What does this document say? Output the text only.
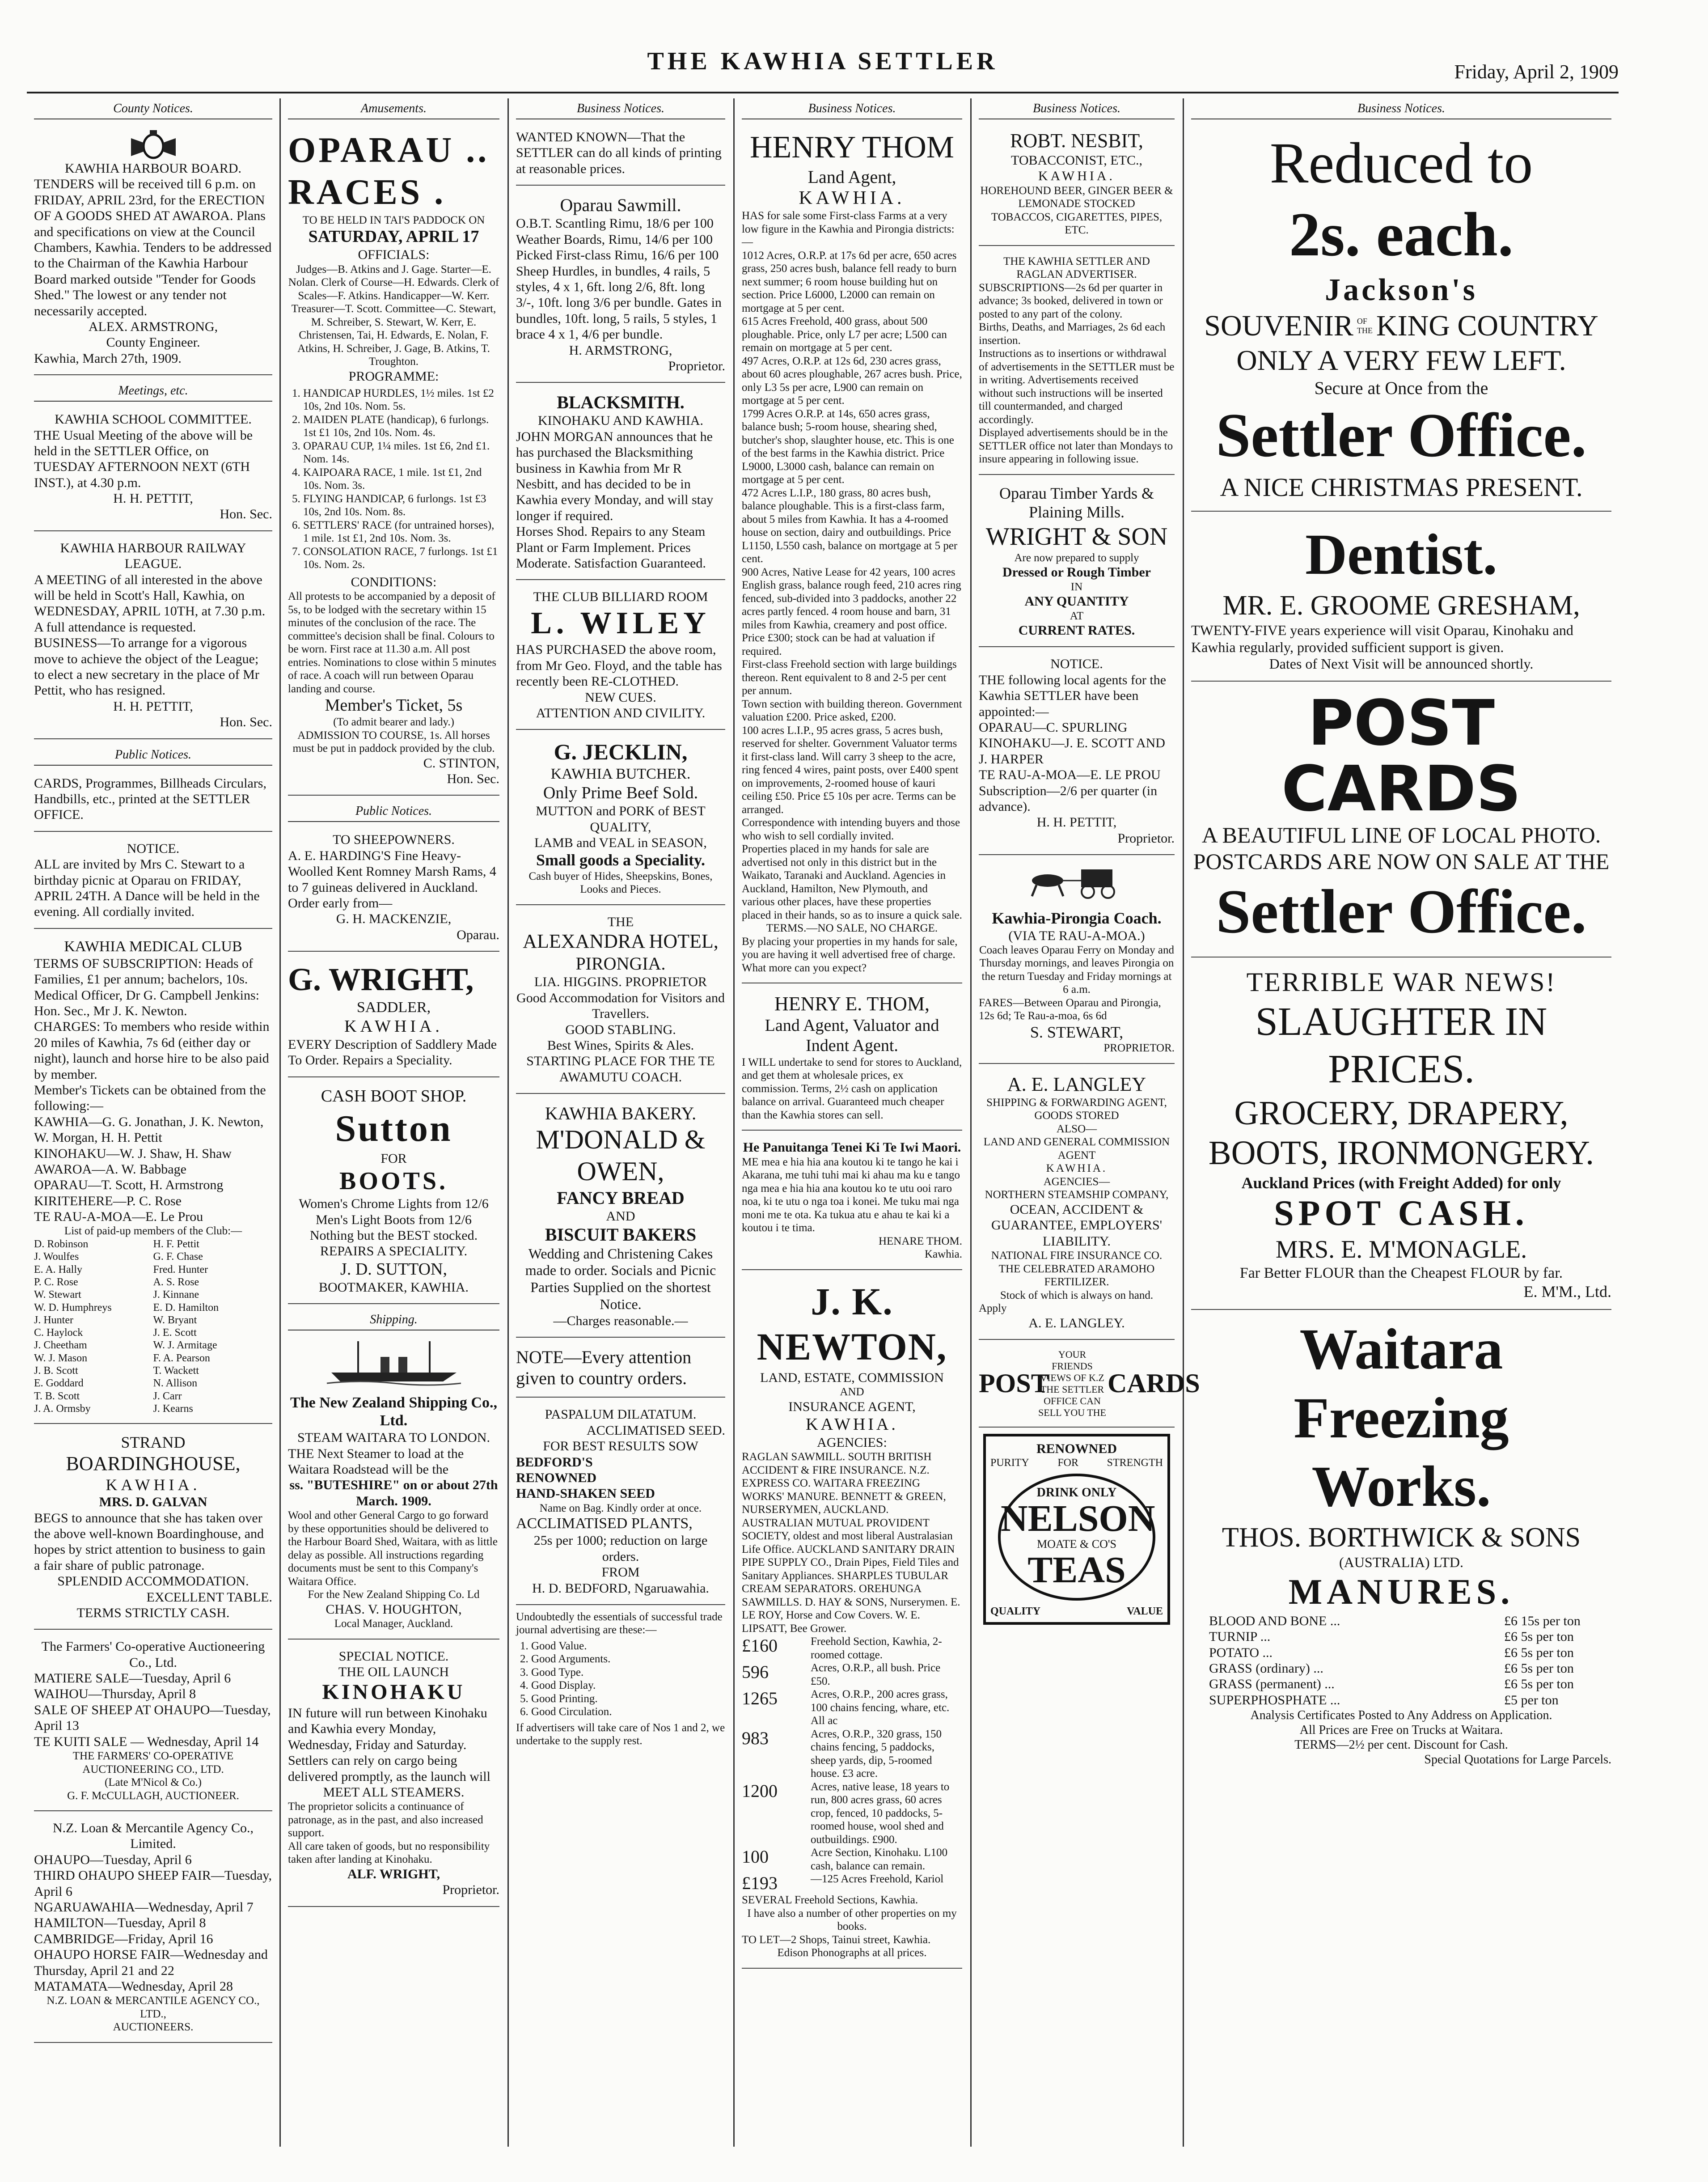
THE KAWHIA SETTLER	Friday, April 2, 1909
County Notices.
KAWHIA HARBOUR BOARD.
TENDERS will be received till 6 p.m. on FRIDAY, APRIL 23rd, for the ERECTION OF A GOODS SHED AT AWAROA. Plans and specifications on view at the Council Chambers, Kawhia. Tenders to be addressed to the Chairman of the Kawhia Harbour Board marked outside "Tender for Goods Shed." The lowest or any tender not necessarily accepted.
ALEX. ARMSTRONG,
County Engineer.
Kawhia, March 27th, 1909.
Meetings, etc.
KAWHIA SCHOOL COMMITTEE.
THE Usual Meeting of the above will be held in the SETTLER Office, on TUESDAY AFTERNOON NEXT (6TH INST.), at 4.30 p.m.
H. H. PETTIT,
Hon. Sec.
KAWHIA HARBOUR RAILWAY LEAGUE.
A MEETING of all interested in the above will be held in Scott's Hall, Kawhia, on WEDNESDAY, APRIL 10TH, at 7.30 p.m. A full attendance is requested.
BUSINESS—To arrange for a vigorous move to achieve the object of the League; to elect a new secretary in the place of Mr Pettit, who has resigned.
H. H. PETTIT,
Hon. Sec.
Public Notices.
CARDS, Programmes, Billheads Circulars, Handbills, etc., printed at the SETTLER OFFICE.
NOTICE.
ALL are invited by Mrs C. Stewart to a birthday picnic at Oparau on FRIDAY, APRIL 24TH. A Dance will be held in the evening. All cordially invited.
KAWHIA MEDICAL CLUB
TERMS OF SUBSCRIPTION: Heads of Families, £1 per annum; bachelors, 10s.
Medical Officer, Dr G. Campbell Jenkins: Hon. Sec., Mr J. K. Newton.
CHARGES: To members who reside within 20 miles of Kawhia, 7s 6d (either day or night), launch and horse hire to be also paid by member.
Member's Tickets can be obtained from the following:—
KAWHIA—G. G. Jonathan, J. K. Newton, W. Morgan, H. H. Pettit
KINOHAKU—W. J. Shaw, H. Shaw
AWAROA—A. W. Babbage
OPARAU—T. Scott, H. Armstrong
KIRITEHERE—P. C. Rose
TE RAU-A-MOA—E. Le Prou
List of paid-up members of the Club:—
D. Robinson	H. F. Pettit
J. Woulfes	G. F. Chase
E. A. Hally	Fred. Hunter
P. C. Rose	A. S. Rose
W. Stewart	J. Kinnane
W. D. Humphreys	E. D. Hamilton
J. Hunter	W. Bryant
C. Haylock	J. E. Scott
J. Cheetham	W. J. Armitage
W. J. Mason	F. A. Pearson
J. B. Scott	T. Wackett
E. Goddard	N. Allison
T. B. Scott	J. Carr
J. A. Ormsby	J. Kearns
STRAND
BOARDINGHOUSE,
KAWHIA.
MRS. D. GALVAN
BEGS to announce that she has taken over the above well-known Boardinghouse, and hopes by strict attention to business to gain a fair share of public patronage.
SPLENDID ACCOMMODATION.
EXCELLENT TABLE.
TERMS STRICTLY CASH.
The Farmers' Co-operative Auctioneering Co., Ltd.
MATIERE SALE—Tuesday, April 6
WAIHOU—Thursday, April 8
SALE OF SHEEP AT OHAUPO—Tuesday, April 13
TE KUITI SALE — Wednesday, April 14
THE FARMERS' CO-OPERATIVE AUCTIONEERING CO., LTD.
(Late M'Nicol & Co.)
G. F. McCULLAGH, AUCTIONEER.
N.Z. Loan & Mercantile Agency Co., Limited.
OHAUPO—Tuesday, April 6
THIRD OHAUPO SHEEP FAIR—Tuesday, April 6
NGARUAWAHIA—Wednesday, April 7
HAMILTON—Tuesday, April 8
CAMBRIDGE—Friday, April 16
OHAUPO HORSE FAIR—Wednesday and Thursday, April 21 and 22
MATAMATA—Wednesday, April 28
N.Z. LOAN & MERCANTILE AGENCY CO., LTD.,
AUCTIONEERS.
Amusements.
OPARAU ..
RACES .
TO BE HELD IN TAI'S PADDOCK ON
SATURDAY, APRIL 17
OFFICIALS:
Judges—B. Atkins and J. Gage. Starter—E. Nolan. Clerk of Course—H. Edwards. Clerk of Scales—F. Atkins. Handicapper—W. Kerr. Treasurer—T. Scott. Committee—C. Stewart, M. Schreiber, S. Stewart, W. Kerr, E. Christensen, Tai, H. Edwards, E. Nolan, F. Atkins, H. Schreiber, J. Gage, B. Atkins, T. Troughton.
PROGRAMME:
1. HANDICAP HURDLES, 1½ miles. 1st £2 10s, 2nd 10s. Nom. 5s.
2. MAIDEN PLATE (handicap), 6 furlongs. 1st £1 10s, 2nd 10s. Nom. 4s.
3. OPARAU CUP, 1¼ miles. 1st £6, 2nd £1. Nom. 14s.
4. KAIPOARA RACE, 1 mile. 1st £1, 2nd 10s. Nom. 3s.
5. FLYING HANDICAP, 6 furlongs. 1st £3 10s, 2nd 10s. Nom. 8s.
6. SETTLERS' RACE (for untrained horses), 1 mile. 1st £1, 2nd 10s. Nom. 3s.
7. CONSOLATION RACE, 7 furlongs. 1st £1 10s. Nom. 2s.
CONDITIONS:
All protests to be accompanied by a deposit of 5s, to be lodged with the secretary within 15 minutes of the conclusion of the race. The committee's decision shall be final. Colours to be worn. First race at 11.30 a.m. All post entries. Nominations to close within 5 minutes of race. A coach will run between Oparau landing and course.
Member's Ticket, 5s
(To admit bearer and lady.)
ADMISSION TO COURSE, 1s. All horses must be put in paddock provided by the club.
C. STINTON,
Hon. Sec.
Public Notices.
TO SHEEPOWNERS.
A. E. HARDING'S Fine Heavy-Woolled Kent Romney Marsh Rams, 4 to 7 guineas delivered in Auckland. Order early from—
G. H. MACKENZIE,
Oparau.
G. WRIGHT,
SADDLER,
KAWHIA.
EVERY Description of Saddlery Made To Order. Repairs a Speciality.
CASH BOOT SHOP.
Sutton
FOR
BOOTS.
Women's Chrome Lights from 12/6
Men's Light Boots from 12/6
Nothing but the BEST stocked.
REPAIRS A SPECIALITY.
J. D. SUTTON,
BOOTMAKER, KAWHIA.
Shipping.
The New Zealand Shipping Co., Ltd.
STEAM WAITARA TO LONDON.
THE Next Steamer to load at the Waitara Roadstead will be the
ss. "BUTESHIRE" on or about 27th March. 1909.
Wool and other General Cargo to go forward by these opportunities should be delivered to the Harbour Board Shed, Waitara, with as little delay as possible. All instructions regarding documents must be sent to this Company's Waitara Office.
For the New Zealand Shipping Co. Ld
CHAS. V. HOUGHTON,
Local Manager, Auckland.
SPECIAL NOTICE.
THE OIL LAUNCH
KINOHAKU
IN future will run between Kinohaku and Kawhia every Monday, Wednesday, Friday and Saturday. Settlers can rely on cargo being delivered promptly, as the launch will
MEET ALL STEAMERS.
The proprietor solicits a continuance of patronage, as in the past, and also increased support.
All care taken of goods, but no responsibility taken after landing at Kinohaku.
ALF. WRIGHT,
Proprietor.
Business Notices.
WANTED KNOWN—That the SETTLER can do all kinds of printing at reasonable prices.
Oparau Sawmill.
O.B.T. Scantling Rimu, 18/6 per 100 Weather Boards, Rimu, 14/6 per 100 Picked First-class Rimu, 16/6 per 100 Sheep Hurdles, in bundles, 4 rails, 5 styles, 4 x 1, 6ft. long 2/6, 8ft. long 3/-, 10ft. long 3/6 per bundle. Gates in bundles, 10ft. long, 5 rails, 5 styles, 1 brace 4 x 1, 4/6 per bundle.
H. ARMSTRONG,
Proprietor.
BLACKSMITH.
KINOHAKU AND KAWHIA.
JOHN MORGAN announces that he has purchased the Blacksmithing business in Kawhia from Mr R Nesbitt, and has decided to be in Kawhia every Monday, and will stay longer if required.
Horses Shod. Repairs to any Steam Plant or Farm Implement. Prices Moderate. Satisfaction Guaranteed.
THE CLUB BILLIARD ROOM
L. WILEY
HAS PURCHASED the above room, from Mr Geo. Floyd, and the table has recently been RE-CLOTHED.
NEW CUES.
ATTENTION AND CIVILITY.
G. JECKLIN,
KAWHIA BUTCHER.
Only Prime Beef Sold.
MUTTON and PORK of BEST QUALITY,
LAMB and VEAL in SEASON,
Small goods a Speciality.
Cash buyer of Hides, Sheepskins, Bones, Looks and Pieces.
THE
ALEXANDRA HOTEL,
PIRONGIA.
LIA. HIGGINS. PROPRIETOR
Good Accommodation for Visitors and Travellers.
GOOD STABLING.
Best Wines, Spirits & Ales.
STARTING PLACE FOR THE TE AWAMUTU COACH.
KAWHIA BAKERY.
M'DONALD & OWEN,
FANCY BREAD
AND
BISCUIT BAKERS
Wedding and Christening Cakes made to order. Socials and Picnic Parties Supplied on the shortest Notice.
—Charges reasonable.—
NOTE—Every attention given to country orders.
PASPALUM DILATATUM.
ACCLIMATISED SEED.
FOR BEST RESULTS SOW
BEDFORD'S
RENOWNED
HAND-SHAKEN SEED
Name on Bag. Kindly order at once.
ACCLIMATISED PLANTS,
25s per 1000; reduction on large orders.
FROM
H. D. BEDFORD, Ngaruawahia.
Undoubtedly the essentials of successful trade journal advertising are these:—
1. Good Value.
2. Good Arguments.
3. Good Type.
4. Good Display.
5. Good Printing.
6. Good Circulation.
If advertisers will take care of Nos 1 and 2, we undertake to the supply rest.
Business Notices.
HENRY THOM
Land Agent,
KAWHIA.
HAS for sale some First-class Farms at a very low figure in the Kawhia and Pirongia districts:—
1012 Acres, O.R.P. at 17s 6d per acre, 650 acres grass, 250 acres bush, balance fell ready to burn next summer; 6 room house building hut on section. Price L6000, L2000 can remain on mortgage at 5 per cent.
615 Acres Freehold, 400 grass, about 500 ploughable. Price, only L7 per acre; L500 can remain on mortgage at 5 per cent.
497 Acres, O.R.P. at 12s 6d, 230 acres grass, about 60 acres ploughable, 267 acres bush. Price, only L3 5s per acre, L900 can remain on mortgage at 5 per cent.
1799 Acres O.R.P. at 14s, 650 acres grass, balance bush; 5-room house, shearing shed, butcher's shop, slaughter house, etc. This is one of the best farms in the Kawhia district. Price L9000, L3000 cash, balance can remain on mortgage at 5 per cent.
472 Acres L.I.P., 180 grass, 80 acres bush, balance ploughable. This is a first-class farm, about 5 miles from Kawhia. It has a 4-roomed house on section, dairy and outbuildings. Price L1150, L550 cash, balance on mortgage at 5 per cent.
900 Acres, Native Lease for 42 years, 100 acres English grass, balance rough feed, 210 acres ring fenced, sub-divided into 3 paddocks, another 22 acres partly fenced. 4 room house and barn, 31 miles from Kawhia, creamery and post office. Price £300; stock can be had at valuation if required.
First-class Freehold section with large buildings thereon. Rent equivalent to 8 and 2-5 per cent per annum.
Town section with building thereon. Government valuation £200. Price asked, £200.
100 acres L.I.P., 95 acres grass, 5 acres bush, reserved for shelter. Government Valuator terms it first-class land. Will carry 3 sheep to the acre, ring fenced 4 wires, paint posts, over £400 spent on improvements, 2-roomed house of kauri ceiling £50. Price £5 10s per acre. Terms can be arranged.
Correspondence with intending buyers and those who wish to sell cordially invited.
Properties placed in my hands for sale are advertised not only in this district but in the Waikato, Taranaki and Auckland. Agencies in Auckland, Hamilton, New Plymouth, and various other places, have these properties placed in their hands, so as to insure a quick sale.
TERMS.—NO SALE, NO CHARGE.
By placing your properties in my hands for sale, you are having it well advertised free of charge. What more can you expect?
HENRY E. THOM,
Land Agent, Valuator and Indent Agent.
I WILL undertake to send for stores to Auckland, and get them at wholesale prices, ex commission. Terms, 2½ cash on application balance on arrival. Guaranteed much cheaper than the Kawhia stores can sell.
He Panuitanga Tenei Ki Te Iwi Maori.
ME mea e hia hia ana koutou ki te tango he kai i Akarana, me tuhi tuhi mai ki ahau ma ku e tango nga mea e hia hia ana koutou ko te utu ooi raro noa, ki te utu o nga toa i konei. Me tuku mai nga moni me te ota. Ka tukua atu e ahau te kai ki a koutou i te tima.
HENARE THOM.
Kawhia.
J. K. NEWTON,
LAND, ESTATE, COMMISSION
AND
INSURANCE AGENT,
KAWHIA.
AGENCIES:
RAGLAN SAWMILL. SOUTH BRITISH ACCIDENT & FIRE INSURANCE. N.Z. EXPRESS CO. WAITARA FREEZING WORKS' MANURE. BENNETT & GREEN, NURSERYMEN, AUCKLAND. AUSTRALIAN MUTUAL PROVIDENT SOCIETY, oldest and most liberal Australasian Life Office. AUCKLAND SANITARY DRAIN PIPE SUPPLY CO., Drain Pipes, Field Tiles and Sanitary Appliances. SHARPLES TUBULAR CREAM SEPARATORS. OREHUNGA SAWMILLS. D. HAY & SONS, Nurserymen. E. LE ROY, Horse and Cow Covers. W. E. LIPSATT, Bee Grower.
£160	Freehold Section, Kawhia, 2-roomed cottage.
596	Acres, O.R.P., all bush. Price £50.
1265	Acres, O.R.P., 200 acres grass, 100 chains fencing, whare, etc. All ac
983	Acres, O.R.P., 320 grass, 150 chains fencing, 5 paddocks, sheep yards, dip, 5-roomed house. £3 acre.
1200	Acres, native lease, 18 years to run, 800 acres grass, 60 acres crop, fenced, 10 paddocks, 5-roomed house, wool shed and outbuildings. £900.
100	Acre Section, Kinohaku. L100 cash, balance can remain.
£193	—125 Acres Freehold, Kariol
SEVERAL Freehold Sections, Kawhia.
I have also a number of other properties on my books.
TO LET—2 Shops, Tainui street, Kawhia.
Edison Phonographs at all prices.
Business Notices.
ROBT. NESBIT,
TOBACCONIST, ETC.,
KAWHIA.
HOREHOUND BEER, GINGER BEER & LEMONADE STOCKED
TOBACCOS, CIGARETTES, PIPES, ETC.
THE KAWHIA SETTLER AND RAGLAN ADVERTISER.
SUBSCRIPTIONS—2s 6d per quarter in advance; 3s booked, delivered in town or posted to any part of the colony.
Births, Deaths, and Marriages, 2s 6d each insertion.
Instructions as to insertions or withdrawal of advertisements in the SETTLER must be in writing. Advertisements received without such instructions will be inserted till countermanded, and charged accordingly.
Displayed advertisements should be in the SETTLER office not later than Mondays to insure appearing in following issue.
Oparau Timber Yards & Plaining Mills.
WRIGHT & SON
Are now prepared to supply
Dressed or Rough Timber
IN
ANY QUANTITY
AT
CURRENT RATES.
NOTICE.
THE following local agents for the Kawhia SETTLER have been appointed:—
OPARAU—C. SPURLING
KINOHAKU—J. E. SCOTT AND J. HARPER
TE RAU-A-MOA—E. LE PROU
Subscription—2/6 per quarter (in advance).
H. H. PETTIT,
Proprietor.
Kawhia-Pirongia Coach.
(VIA TE RAU-A-MOA.)
Coach leaves Oparau Ferry on Monday and Thursday mornings, and leaves Pirongia on the return Tuesday and Friday mornings at 6 a.m.
FARES—Between Oparau and Pirongia, 12s 6d; Te Rau-a-moa, 6s 6d
S. STEWART,
PROPRIETOR.
A. E. LANGLEY
SHIPPING & FORWARDING AGENT, GOODS STORED
ALSO—
LAND AND GENERAL COMMISSION AGENT
KAWHIA.
AGENCIES—
NORTHERN STEAMSHIP COMPANY,
OCEAN, ACCIDENT & GUARANTEE, EMPLOYERS' LIABILITY.
NATIONAL FIRE INSURANCE CO.
THE CELEBRATED ARAMOHO FERTILIZER.
Stock of which is always on hand.
Apply
A. E. LANGLEY.
POST
YOUR FRIENDS VIEWS OF K.Z
THE SETTLER OFFICE CAN SELL YOU THE
CARDS
RENOWNED
PURITY	FOR	STRENGTH
DRINK ONLY
NELSON
MOATE & CO'S
TEAS
QUALITY	VALUE
Business Notices.
Reduced to
2s. each.
Jackson's
SOUVENIR OF
THE KING COUNTRY
ONLY A VERY FEW LEFT.
Secure at Once from the
Settler Office.
A NICE CHRISTMAS PRESENT.
Dentist.
MR. E. GROOME GRESHAM,
TWENTY-FIVE years experience will visit Oparau, Kinohaku and Kawhia regularly, provided sufficient support is given.
Dates of Next Visit will be announced shortly.
POST CARDS
A BEAUTIFUL LINE OF LOCAL PHOTO.
POSTCARDS ARE NOW ON SALE AT THE
Settler Office.
TERRIBLE WAR NEWS!
SLAUGHTER IN PRICES.
GROCERY, DRAPERY,
BOOTS, IRONMONGERY.
Auckland Prices (with Freight Added) for only
SPOT CASH.
MRS. E. M'MONAGLE.
Far Better FLOUR than the Cheapest FLOUR by far.
E. M'M., Ltd.
Waitara Freezing
Works.
THOS. BORTHWICK & SONS
(AUSTRALIA) LTD.
MANURES.
BLOOD AND BONE ...	£6 15s per ton
TURNIP ...	£6 5s per ton
POTATO ...	£6 5s per ton
GRASS (ordinary) ...	£6 5s per ton
GRASS (permanent) ...	£6 5s per ton
SUPERPHOSPHATE ...	£5 per ton
Analysis Certificates Posted to Any Address on Application.
All Prices are Free on Trucks at Waitara.
TERMS—2½ per cent. Discount for Cash.
Special Quotations for Large Parcels.
